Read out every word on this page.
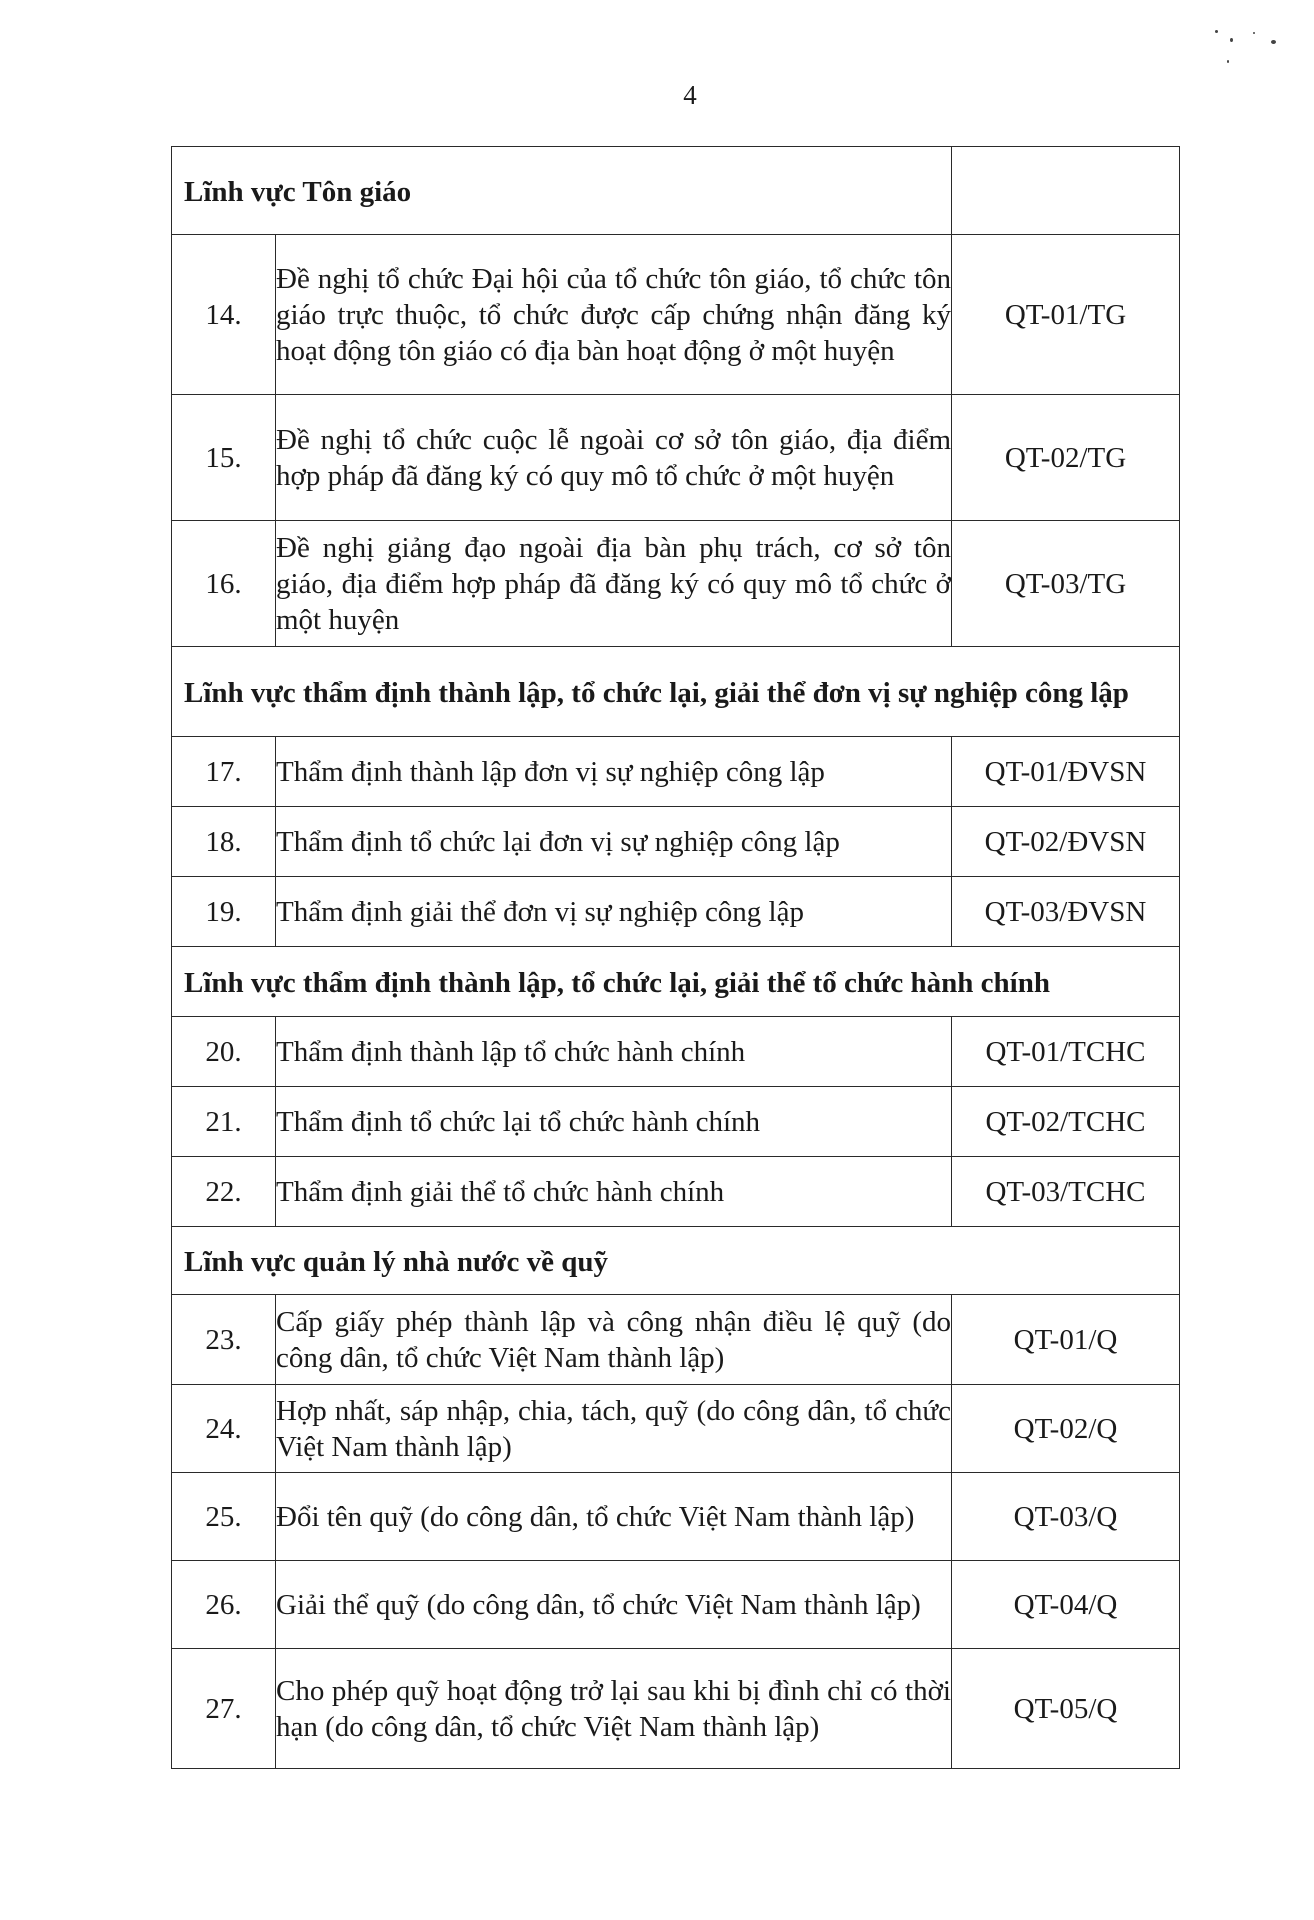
4
Lĩnh vực Tôn giáo		
14.	Đề nghị tổ chức Đại hội của tổ chức tôn giáo, tổ chức tôn giáo trực thuộc, tổ chức được cấp chứng nhận đăng ký hoạt động tôn giáo có địa bàn hoạt động ở một huyện	QT-01/TG
15.	Đề nghị tổ chức cuộc lễ ngoài cơ sở tôn giáo, địa điểm hợp pháp đã đăng ký có quy mô tổ chức ở một huyện	QT-02/TG
16.	Đề nghị giảng đạo ngoài địa bàn phụ trách, cơ sở tôn giáo, địa điểm hợp pháp đã đăng ký có quy mô tổ chức ở một huyện	QT-03/TG
Lĩnh vực thẩm định thành lập, tổ chức lại, giải thể đơn vị sự nghiệp công lập		
17.	Thẩm định thành lập đơn vị sự nghiệp công lập	QT-01/ĐVSN
18.	Thẩm định tổ chức lại đơn vị sự nghiệp công lập	QT-02/ĐVSN
19.	Thẩm định giải thể đơn vị sự nghiệp công lập	QT-03/ĐVSN
Lĩnh vực thẩm định thành lập, tổ chức lại, giải thể tổ chức hành chính		
20.	Thẩm định thành lập tổ chức hành chính	QT-01/TCHC
21.	Thẩm định tổ chức lại tổ chức hành chính	QT-02/TCHC
22.	Thẩm định giải thể tổ chức hành chính	QT-03/TCHC
Lĩnh vực quản lý nhà nước về quỹ		
23.	Cấp giấy phép thành lập và công nhận điều lệ quỹ (do công dân, tổ chức Việt Nam thành lập)	QT-01/Q
24.	Hợp nhất, sáp nhập, chia, tách, quỹ (do công dân, tổ chức Việt Nam thành lập)	QT-02/Q
25.	Đổi tên quỹ (do công dân, tổ chức Việt Nam thành lập)	QT-03/Q
26.	Giải thể quỹ (do công dân, tổ chức Việt Nam thành lập)	QT-04/Q
27.	Cho phép quỹ hoạt động trở lại sau khi bị đình chỉ có thời hạn (do công dân, tổ chức Việt Nam thành lập)	QT-05/Q
